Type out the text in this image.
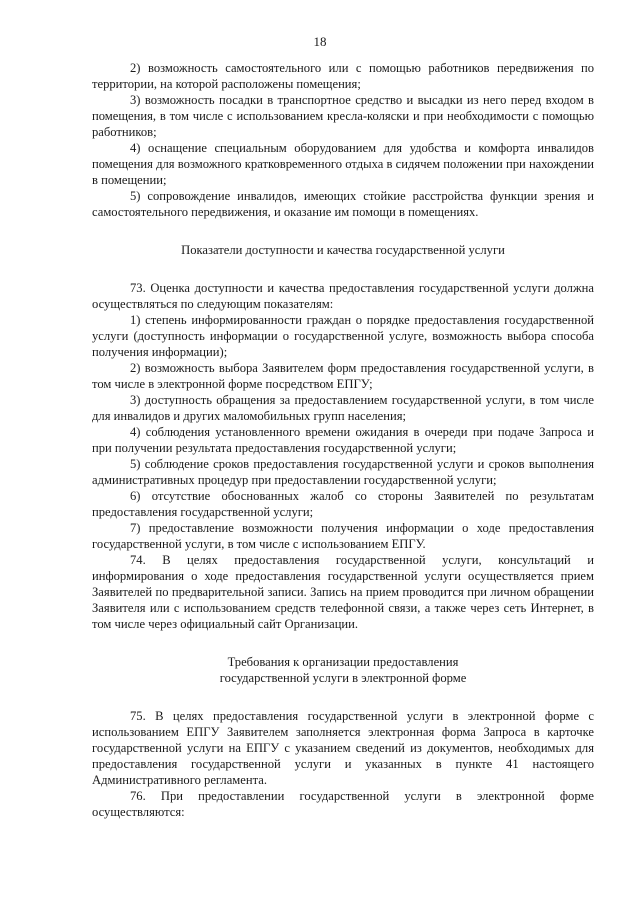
18

2) возможность самостоятельного или с помощью работников передвижения по территории, на которой расположены помещения;

3) возможность посадки в транспортное средство и высадки из него перед входом в помещения, в том числе с использованием кресла-коляски и при необходимости с помощью работников;

4) оснащение специальным оборудованием для удобства и комфорта инвалидов помещения для возможного кратковременного отдыха в сидячем положении при нахождении в помещении;

5) сопровождение инвалидов, имеющих стойкие расстройства функции зрения и самостоятельного передвижения, и оказание им помощи в помещениях.

Показатели доступности и качества государственной услуги

73. Оценка доступности и качества предоставления государственной услуги должна осуществляться по следующим показателям:

1) степень информированности граждан о порядке предоставления государственной услуги (доступность информации о государственной услуге, возможность выбора способа получения информации);

2) возможность выбора Заявителем форм предоставления государственной услуги, в том числе в электронной форме посредством ЕПГУ;

3) доступность обращения за предоставлением государственной услуги, в том числе для инвалидов и других маломобильных групп населения;

4) соблюдения установленного времени ожидания в очереди при подаче Запроса и при получении результата предоставления государственной услуги;

5) соблюдение сроков предоставления государственной услуги и сроков выполнения административных процедур при предоставлении государственной услуги;

6) отсутствие обоснованных жалоб со стороны Заявителей по результатам предоставления государственной услуги;

7) предоставление возможности получения информации о ходе предоставления государственной услуги, в том числе с использованием ЕПГУ.

74. В целях предоставления государственной услуги, консультаций и информирования о ходе предоставления государственной услуги осуществляется прием Заявителей по предварительной записи. Запись на прием проводится при личном обращении Заявителя или с использованием средств телефонной связи, а также через сеть Интернет, в том числе через официальный сайт Организации.

Требования к организации предоставления
государственной услуги в электронной форме

75. В целях предоставления государственной услуги в электронной форме с использованием ЕПГУ Заявителем заполняется электронная форма Запроса в карточке государственной услуги на ЕПГУ с указанием сведений из документов, необходимых для предоставления государственной услуги и указанных в пункте 41 настоящего Административного регламента.

76. При предоставлении государственной услуги в электронной форме осуществляются:
